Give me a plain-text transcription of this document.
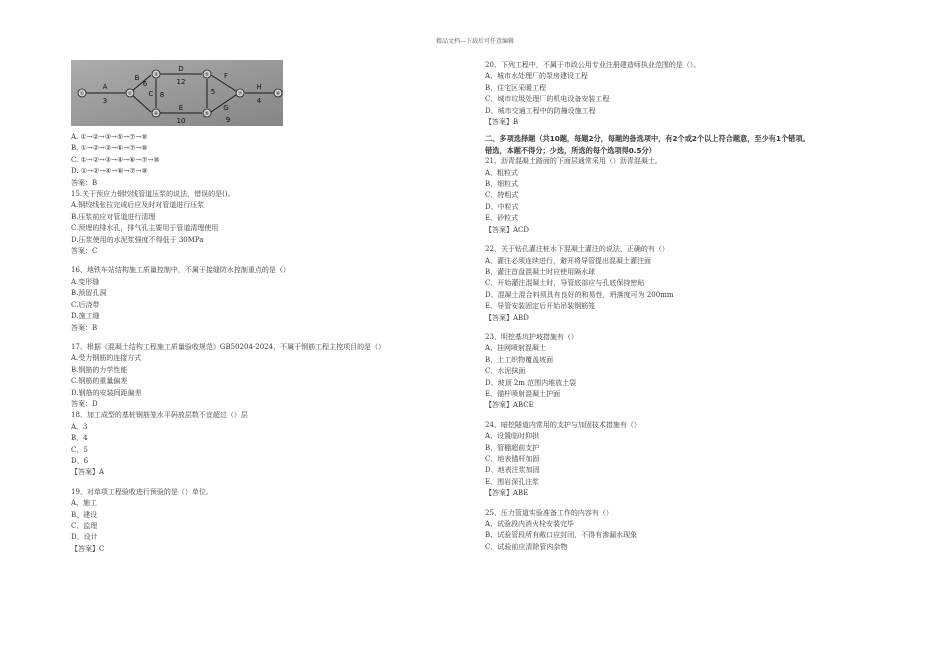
精品文档---下载后可任意编辑
①	②
③
④
⑤
⑥
⑦	⑧
A
3
B
6
C 8
D
12
E
10
F
5
G
9
H
4
A. ①→②→③→⑤→⑦→⑧
B. ①→②→③→⑥→⑦→⑧
C. ①→②→③→④→⑥→⑦→⑧
D. ①→②→④→⑥→⑦→⑧
答案：B
15.关于预应力钢绞线管道压浆的说法，错误的是()。
A.钢绞线张拉完成后应及时对管道进行压浆
B.压浆前应对管道进行清理
C.预埋的排水孔，排气孔主要用于管道清理使用
D.压浆使用的水泥浆强度不得低于 30MPa
答案：C
16、地铁车站结构施工质量控制中，不属于接缝防水控制重点的是（）
A.变形缝
B.预留孔洞
C.后浇带
D.施工缝
答案：B
17、根据《混凝土结构工程施工质量验收规范》GB50204-2024，不属于钢筋工程主控项目的是（）
A.受力钢筋的连接方式
B.钢筋的力学性能
C.钢筋的重量偏差
D.钢筋的安装间距偏差
答案：D
18、加工成型的基桩钢筋笼水平码放层数不宜超过（）层
A、3
B、4
C、5
D、6
【答案】A
19、对单项工程验收进行预验的是（）单位。
A、施工
B、建设
C、监理
D、设计
【答案】C
20、下列工程中，不属于市政公用专业注册建造师执业范围的是（）。
A、城市水处理厂的泵房建设工程
B、住宅区采暖工程
C、城市垃圾处理厂的机电设备安装工程
D、城市交通工程中的防撞设施工程
【答案】B
二、多项选择题（共10题，每题2分，每题的备选项中，有2个或2个以上符合题意，至少有1个错项。
错选，本题不得分；少选，所选的每个选项得0.5分）
21、沥青混凝土路面的下面层通常采用（）沥青混凝土。
A、粗粒式
B、细粒式
C、特粗式
D、中粒式
E、砂粒式
【答案】ACD
22、关于钻孔灌注桩水下混凝土灌注的说法，正确的有（）
A、灌注必须连续进行，避开将导管提出混凝土灌注面
B、灌注首盘混凝土时应使用隔水球
C、开始灌注混凝土时，导管底部应与孔底保持密贴
D、混凝土混合料须具有良好的和易性，坍落度可为 200mm
E、导管安装固定后开始吊装钢筋笼
【答案】ABD
23、明挖基坑护坡措施有（）
A、挂网喷射混凝土
B、土工织物覆盖坡面
C、水泥抹面
D、坡顶 2m 范围内堆放土袋
E、锚杆喷射混凝土护面
【答案】ABCE
24、暗挖隧道内常用的支护与加固技术措施有（）
A、设置临时仰拱
B、管棚超前支护
C、地表锚杆加固
D、地表注浆加固
E、围岩深孔注浆
【答案】ABE
25、压力管道实验准备工作的内容有（）
A、试验段内消火栓安装完毕
B、试验管段所有敞口应封闭，不得有渗漏水现象
C、试验前应清除管内杂物
